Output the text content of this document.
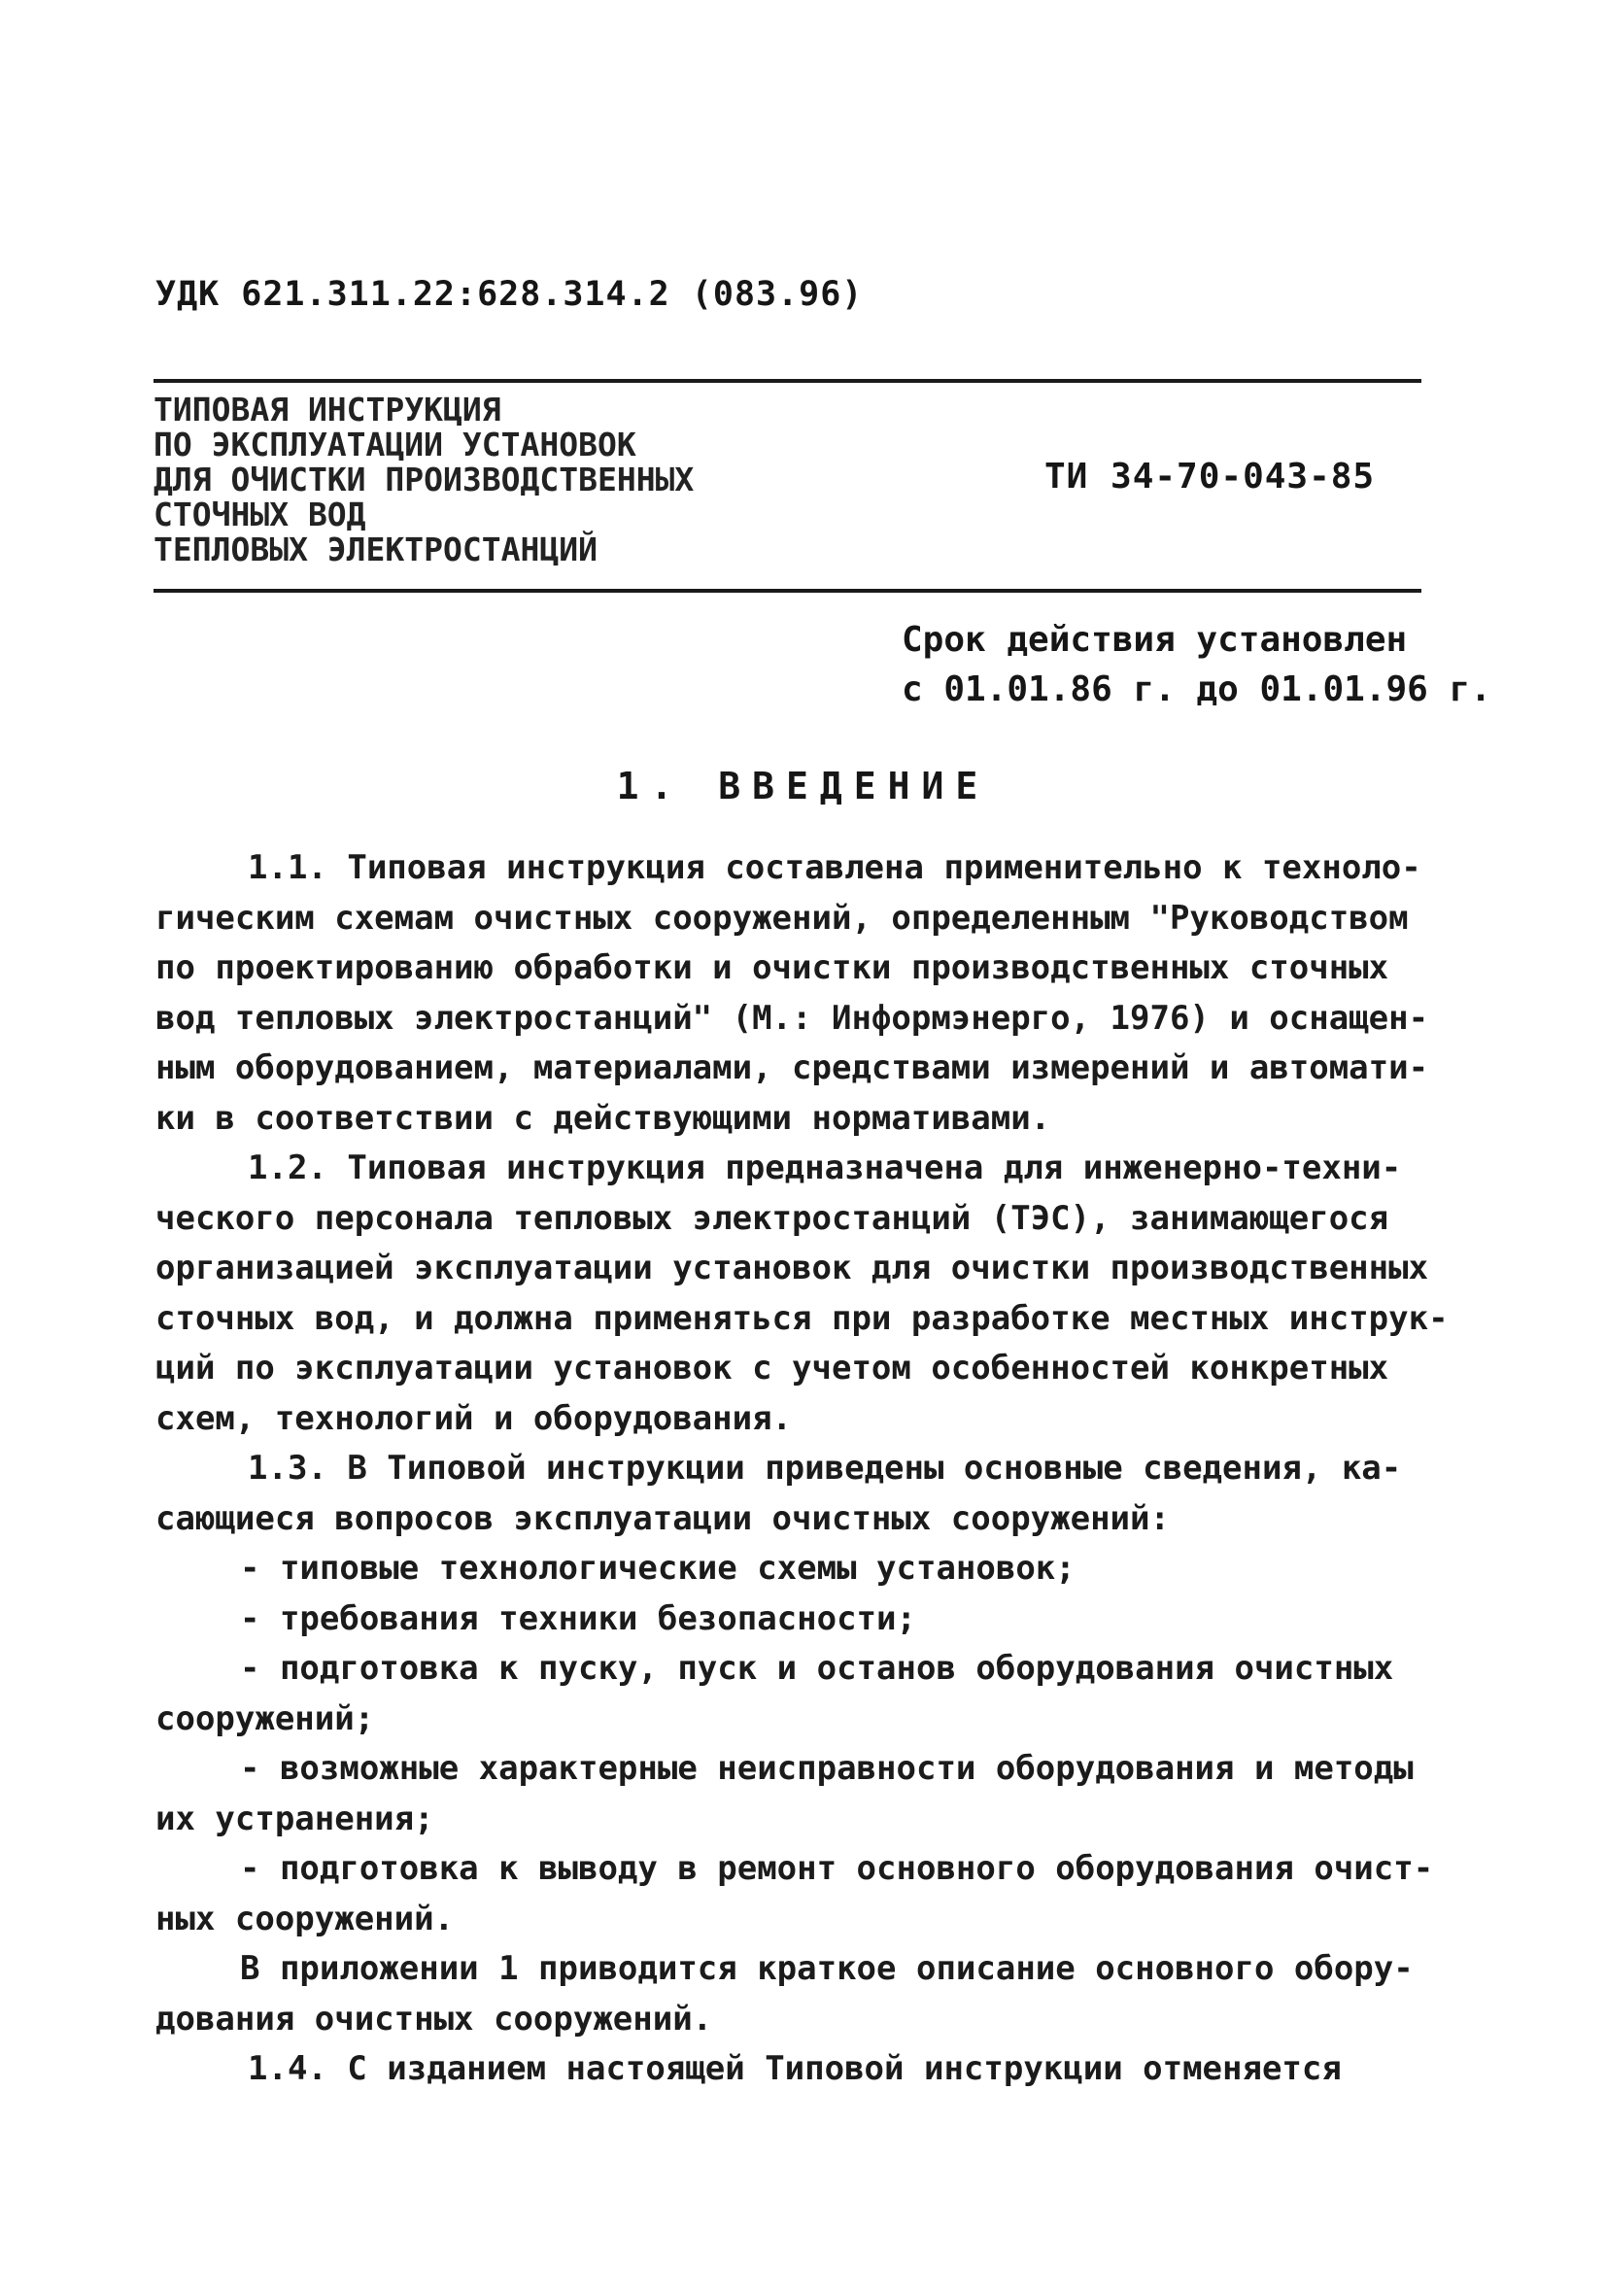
УДК 621.311.22:628.314.2 (083.96)
ТИПОВАЯ ИНСТРУКЦИЯ
ПО ЭКСПЛУАТАЦИИ УСТАНОВОК
ДЛЯ ОЧИСТКИ ПРОИЗВОДСТВЕННЫХ
СТОЧНЫХ ВОД
ТЕПЛОВЫХ ЭЛЕКТРОСТАНЦИЙ
ТИ 34-70-043-85
Срок действия установлен
с 01.01.86 г. до 01.01.96 г.
1. ВВЕДЕНИЕ
1.1. Типовая инструкция составлена применительно к техноло-
гическим схемам очистных сооружений, определенным "Руководством
по проектированию обработки и очистки производственных сточных
вод тепловых электростанций" (М.: Информэнерго, 1976) и оснащен-
ным оборудованием, материалами, средствами измерений и автомати-
ки в соответствии с действующими нормативами.
1.2. Типовая инструкция предназначена для инженерно-техни-
ческого персонала тепловых электростанций (ТЭС), занимающегося
организацией эксплуатации установок для очистки производственных
сточных вод, и должна применяться при разработке местных инструк-
ций по эксплуатации установок с учетом особенностей конкретных
схем, технологий и оборудования.
1.3. В Типовой инструкции приведены основные сведения, ка-
сающиеся вопросов эксплуатации очистных сооружений:
- типовые технологические схемы установок;
- требования техники безопасности;
- подготовка к пуску, пуск и останов оборудования очистных
сооружений;
- возможные характерные неисправности оборудования и методы
их устранения;
- подготовка к выводу в ремонт основного оборудования очист-
ных сооружений.
В приложении 1 приводится краткое описание основного обору-
дования очистных сооружений.
1.4. С изданием настоящей Типовой инструкции отменяется
